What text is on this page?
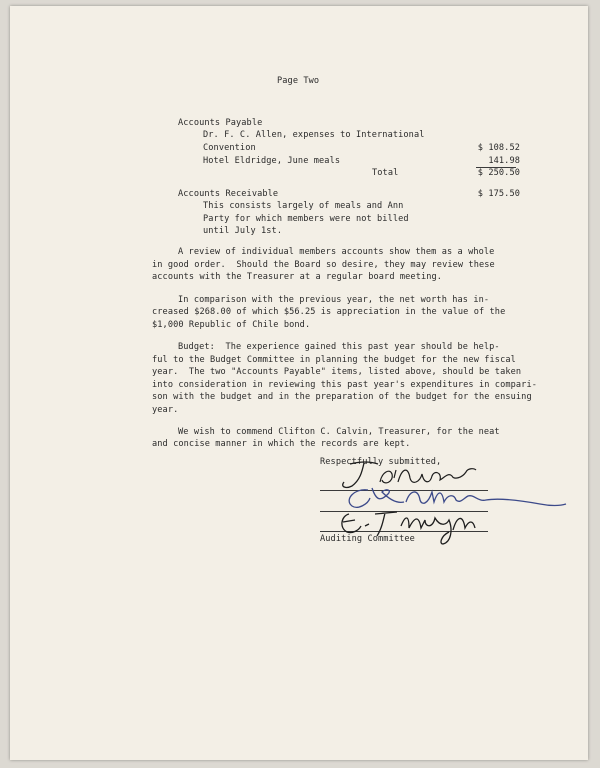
Page Two
Accounts Payable
Dr. F. C. Allen, expenses to International
Convention	$ 108.52
Hotel Eldridge, June meals	141.98
Total	$ 250.50
Accounts Receivable	$ 175.50
This consists largely of meals and Ann
Party for which members were not billed
until July 1st.
A review of individual members accounts show them as a whole
in good order.  Should the Board so desire, they may review these
accounts with the Treasurer at a regular board meeting.
In comparison with the previous year, the net worth has in-
creased $268.00 of which $56.25 is appreciation in the value of the
$1,000 Republic of Chile bond.
Budget:  The experience gained this past year should be help-
ful to the Budget Committee in planning the budget for the new fiscal
year.  The two "Accounts Payable" items, listed above, should be taken
into consideration in reviewing this past year's expenditures in compari-
son with the budget and in the preparation of the budget for the ensuing
year.
We wish to commend Clifton C. Calvin, Treasurer, for the neat
and concise manner in which the records are kept.
Respectfully submitted,
Auditing Committee
